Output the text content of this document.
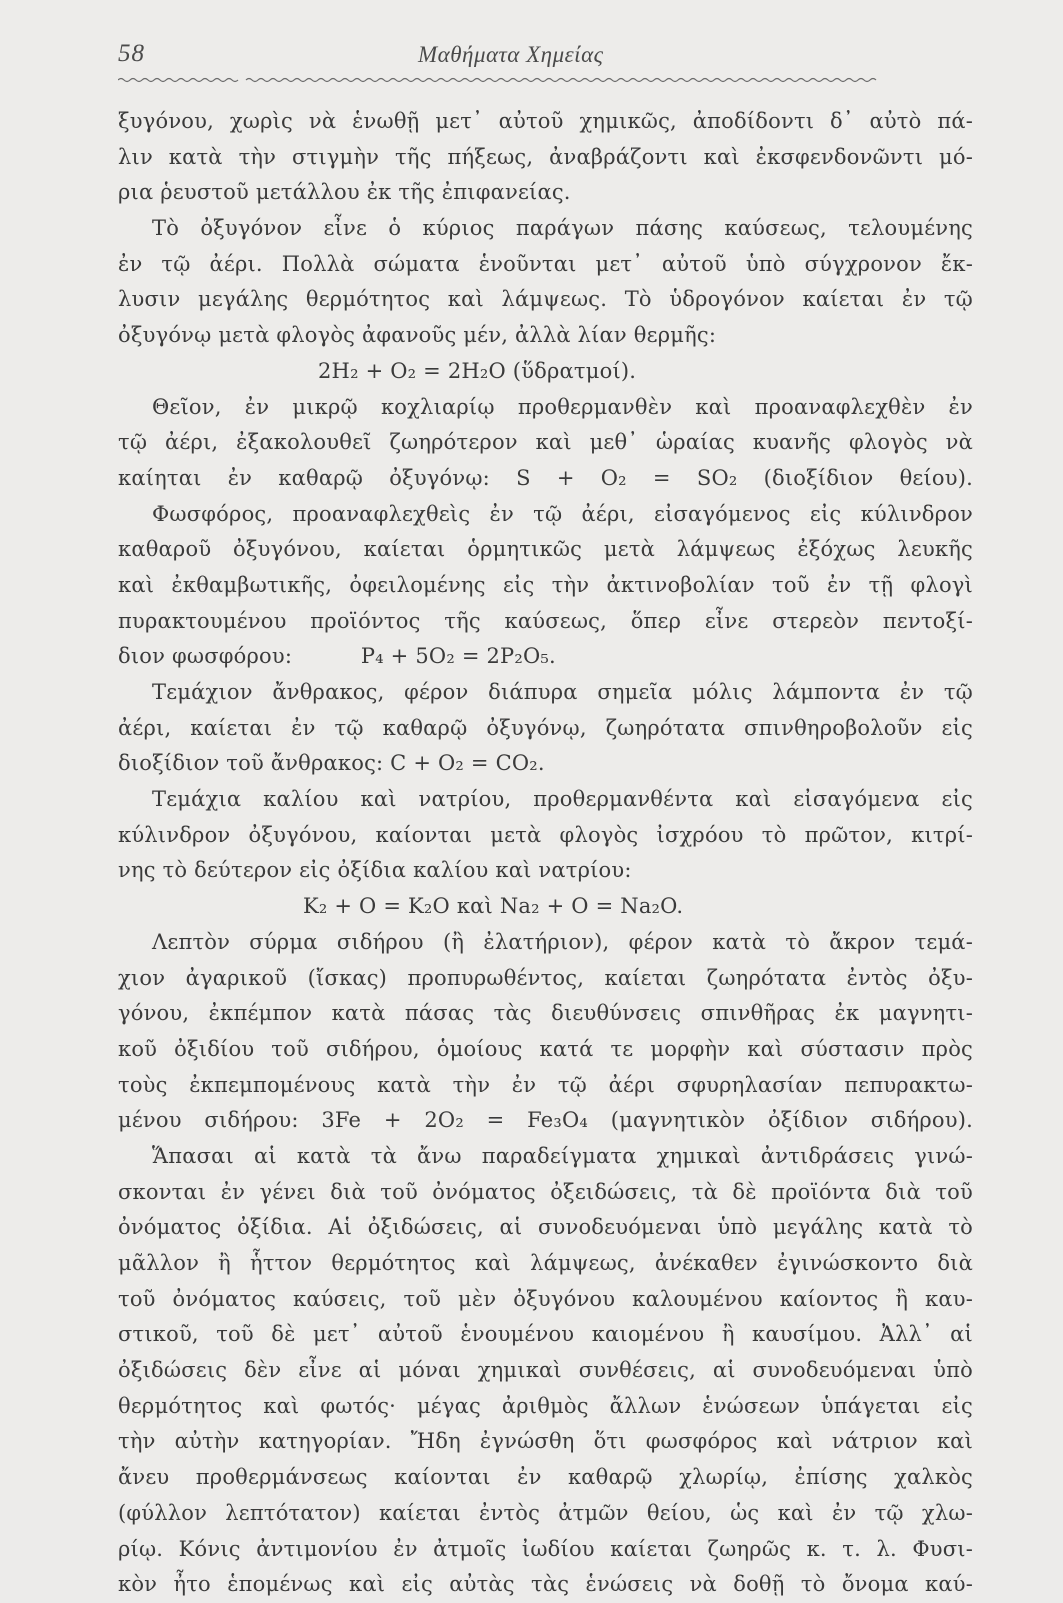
58	Μαθήματα Χημείας
ξυγόνου, χωρὶς νὰ ἑνωθῇ μετ᾽ αὐτοῦ χημικῶς, ἀποδίδοντι δ᾽ αὐτὸ πά-
λιν κατὰ τὴν στιγμὴν τῆς πήξεως, ἀναβράζοντι καὶ ἐκσφενδονῶντι μό-
ρια ῥευστοῦ μετάλλου ἐκ τῆς ἐπιφανείας.
Τὸ ὀξυγόνον εἶνε ὁ κύριος παράγων πάσης καύσεως, τελουμένης
ἐν τῷ ἀέρι. Πολλὰ σώματα ἑνοῦνται μετ᾽ αὐτοῦ ὑπὸ σύγχρονον ἔκ-
λυσιν μεγάλης θερμότητος καὶ λάμψεως. Τὸ ὑδρογόνον καίεται ἐν τῷ
ὀξυγόνῳ μετὰ φλογὸς ἀφανοῦς μέν, ἀλλὰ λίαν θερμῆς:
2H₂ + O₂ = 2H₂O (ὕδρατμοί).
Θεῖον, ἐν μικρῷ κοχλιαρίῳ προθερμανθὲν καὶ προαναφλεχθὲν ἐν
τῷ ἀέρι, ἐξακολουθεῖ ζωηρότερον καὶ μεθ᾽ ὡραίας κυανῆς φλογὸς νὰ
καίηται ἐν καθαρῷ ὀξυγόνῳ: S + O₂ = SO₂ (διοξίδιον θείου).
Φωσφόρος, προαναφλεχθεὶς ἐν τῷ ἀέρι, εἰσαγόμενος εἰς κύλινδρον
καθαροῦ ὀξυγόνου, καίεται ὁρμητικῶς μετὰ λάμψεως ἐξόχως λευκῆς
καὶ ἐκθαμβωτικῆς, ὀφειλομένης εἰς τὴν ἀκτινοβολίαν τοῦ ἐν τῇ φλογὶ
πυρακτουμένου προϊόντος τῆς καύσεως, ὅπερ εἶνε στερεὸν πεντοξί-
διον φωσφόρου:          P₄ + 5O₂ = 2P₂O₅.
Τεμάχιον ἄνθρακος, φέρον διάπυρα σημεῖα μόλις λάμποντα ἐν τῷ
ἀέρι, καίεται ἐν τῷ καθαρῷ ὀξυγόνῳ, ζωηρότατα σπινθηροβολοῦν εἰς
διοξίδιον τοῦ ἄνθρακος: C + O₂ = CO₂.
Τεμάχια καλίου καὶ νατρίου, προθερμανθέντα καὶ εἰσαγόμενα εἰς
κύλινδρον ὀξυγόνου, καίονται μετὰ φλογὸς ἰσχρόου τὸ πρῶτον, κιτρί-
νης τὸ δεύτερον εἰς ὀξίδια καλίου καὶ νατρίου:
K₂ + O = K₂O καὶ Na₂ + O = Na₂O.
Λεπτὸν σύρμα σιδήρου (ἢ ἐλατήριον), φέρον κατὰ τὸ ἄκρον τεμά-
χιον ἀγαρικοῦ (ἴσκας) προπυρωθέντος, καίεται ζωηρότατα ἐντὸς ὀξυ-
γόνου, ἐκπέμπον κατὰ πάσας τὰς διευθύνσεις σπινθῆρας ἐκ μαγνητι-
κοῦ ὀξιδίου τοῦ σιδήρου, ὁμοίους κατά τε μορφὴν καὶ σύστασιν πρὸς
τοὺς ἐκπεμπομένους κατὰ τὴν ἐν τῷ ἀέρι σφυρηλασίαν πεπυρακτω-
μένου σιδήρου: 3Fe + 2O₂ = Fe₃O₄ (μαγνητικὸν ὀξίδιον σιδήρου).
Ἅπασαι αἱ κατὰ τὰ ἄνω παραδείγματα χημικαὶ ἀντιδράσεις γινώ-
σκονται ἐν γένει διὰ τοῦ ὀνόματος ὀξειδώσεις, τὰ δὲ προϊόντα διὰ τοῦ
ὀνόματος ὀξίδια. Αἱ ὀξιδώσεις, αἱ συνοδευόμεναι ὑπὸ μεγάλης κατὰ τὸ
μᾶλλον ἢ ἧττον θερμότητος καὶ λάμψεως, ἀνέκαθεν ἐγινώσκοντο διὰ
τοῦ ὀνόματος καύσεις, τοῦ μὲν ὀξυγόνου καλουμένου καίοντος ἢ καυ-
στικοῦ, τοῦ δὲ μετ᾽ αὐτοῦ ἑνουμένου καιομένου ἢ καυσίμου. Ἀλλ᾽ αἱ
ὀξιδώσεις δὲν εἶνε αἱ μόναι χημικαὶ συνθέσεις, αἱ συνοδευόμεναι ὑπὸ
θερμότητος καὶ φωτός· μέγας ἀριθμὸς ἄλλων ἑνώσεων ὑπάγεται εἰς
τὴν αὐτὴν κατηγορίαν. Ἤδη ἐγνώσθη ὅτι φωσφόρος καὶ νάτριον καὶ
ἄνευ προθερμάνσεως καίονται ἐν καθαρῷ χλωρίῳ, ἐπίσης χαλκὸς
(φύλλον λεπτότατον) καίεται ἐντὸς ἀτμῶν θείου, ὡς καὶ ἐν τῷ χλω-
ρίῳ. Κόνις ἀντιμονίου ἐν ἀτμοῖς ἰωδίου καίεται ζωηρῶς κ. τ. λ. Φυσι-
κὸν ἦτο ἑπομένως καὶ εἰς αὐτὰς τὰς ἑνώσεις νὰ δοθῇ τὸ ὄνομα καύ-
